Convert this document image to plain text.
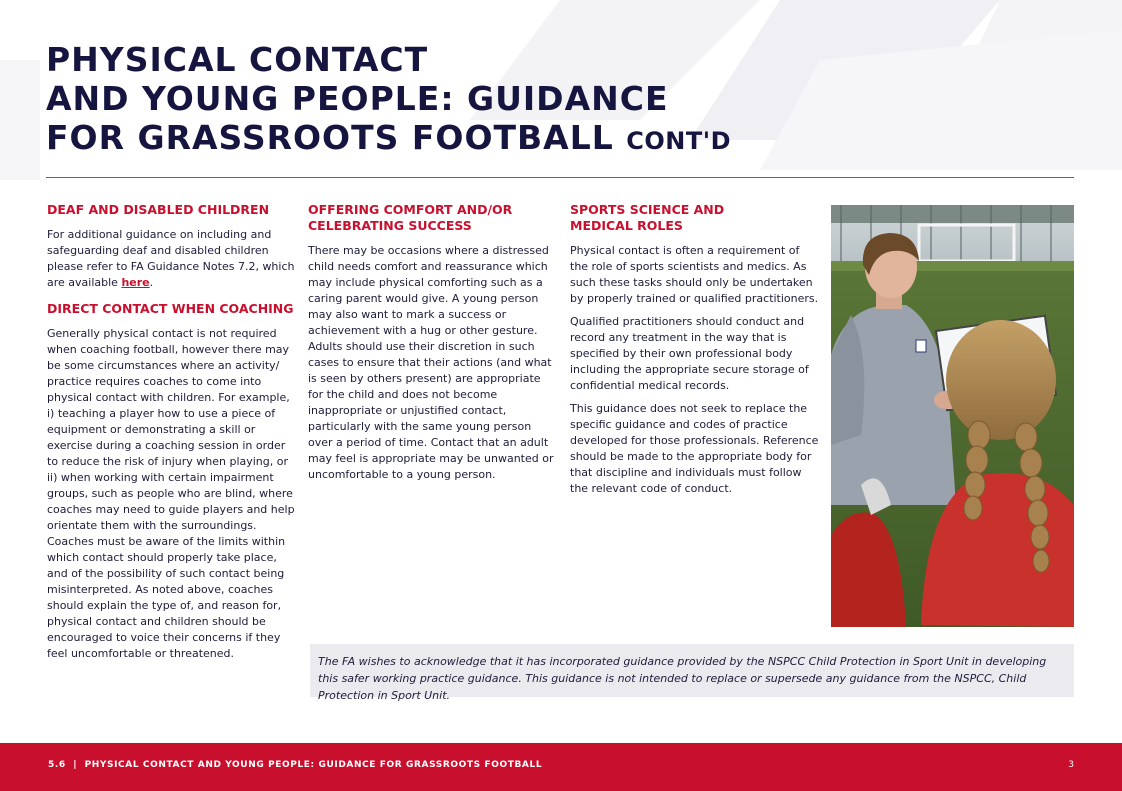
PHYSICAL CONTACT
AND YOUNG PEOPLE: GUIDANCE
FOR GRASSROOTS FOOTBALL CONT'D
DEAF AND DISABLED CHILDREN

For additional guidance on including and safeguarding deaf and disabled children please refer to FA Guidance Notes 7.2, which are available here.

DIRECT CONTACT WHEN COACHING

Generally physical contact is not required when coaching football, however there may be some circumstances where an activity/ practice requires coaches to come into physical contact with children. For example, i) teaching a player how to use a piece of equipment or demonstrating a skill or exercise during a coaching session in order to reduce the risk of injury when playing, or ii) when working with certain impairment groups, such as people who are blind, where coaches may need to guide players and help orientate them with the surroundings. Coaches must be aware of the limits within which contact should properly take place, and of the possibility of such contact being misinterpreted. As noted above, coaches should explain the type of, and reason for, physical contact and children should be encouraged to voice their concerns if they feel uncomfortable or threatened.

OFFERING COMFORT AND/OR
CELEBRATING SUCCESS

There may be occasions where a distressed child needs comfort and reassurance which may include physical comforting such as a caring parent would give. A young person may also want to mark a success or achievement with a hug or other gesture. Adults should use their discretion in such cases to ensure that their actions (and what is seen by others present) are appropriate for the child and does not become inappropriate or unjustified contact, particularly with the same young person over a period of time. Contact that an adult may feel is appropriate may be unwanted or uncomfortable to a young person.

SPORTS SCIENCE AND
MEDICAL ROLES

Physical contact is often a requirement of the role of sports scientists and medics. As such these tasks should only be undertaken by properly trained or qualified practitioners.

Qualified practitioners should conduct and record any treatment in the way that is specified by their own professional body including the appropriate secure storage of confidential medical records.

This guidance does not seek to replace the specific guidance and codes of practice developed for those professionals. Reference should be made to the appropriate body for that discipline and individuals must follow the relevant code of conduct.

The FA wishes to acknowledge that it has incorporated guidance provided by the NSPCC Child Protection in Sport Unit in developing this safer working practice guidance. This guidance is not intended to replace or supersede any guidance from the NSPCC, Child Protection in Sport Unit.
5.6 | PHYSICAL CONTACT AND YOUNG PEOPLE: GUIDANCE FOR GRASSROOTS FOOTBALL	3
